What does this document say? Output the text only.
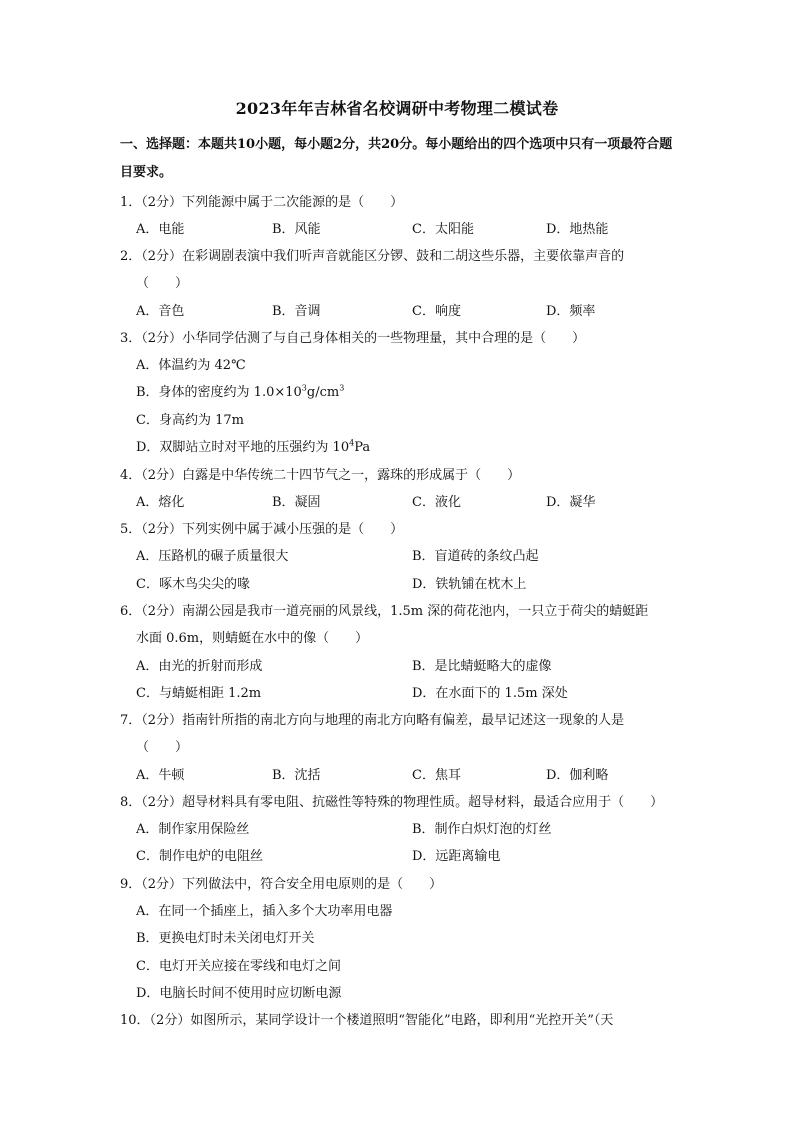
2023年年吉林省名校调研中考物理二模试卷
一、选择题：本题共10小题，每小题2分，共20分。每小题给出的四个选项中只有一项最符合题目要求。
1．（2分）下列能源中属于二次能源的是（　　）
A．电能	B．风能	C．太阳能	D．地热能
2．（2分）在彩调剧表演中我们听声音就能区分锣、鼓和二胡这些乐器，主要依靠声音的
（　　）
A．音色	B．音调	C．响度	D．频率
3．（2分）小华同学估测了与自己身体相关的一些物理量，其中合理的是（　　）
A．体温约为 42℃
B．身体的密度约为 $1.0\times 10^3g/cm^3$
C．身高约为 17m
D．双脚站立时对平地的压强约为 $10^4Pa$
4．（2分）白露是中华传统二十四节气之一，露珠的形成属于（　　）
A．熔化	B．凝固	C．液化	D．凝华
5．（2分）下列实例中属于减小压强的是（　　）
A．压路机的碾子质量很大	B．盲道砖的条纹凸起
C．啄木鸟尖尖的喙	D．铁轨铺在枕木上
6．（2分）南湖公园是我市一道亮丽的风景线，1.5m 深的荷花池内，一只立于荷尖的蜻蜓距
水面 0.6m，则蜻蜓在水中的像（　　）
A．由光的折射而形成	B．是比蜻蜓略大的虚像
C．与蜻蜓相距 1.2m	D．在水面下的 1.5m 深处
7．（2分）指南针所指的南北方向与地理的南北方向略有偏差，最早记述这一现象的人是
（　　）
A．牛顿	B．沈括	C．焦耳	D．伽利略
8．（2分）超导材料具有零电阻、抗磁性等特殊的物理性质。超导材料，最适合应用于（　　）
A．制作家用保险丝	B．制作白炽灯泡的灯丝
C．制作电炉的电阻丝	D．远距离输电
9．（2分）下列做法中，符合安全用电原则的是（　　）
A．在同一个插座上，插入多个大功率用电器
B．更换电灯时未关闭电灯开关
C．电灯开关应接在零线和电灯之间
D．电脑长时间不使用时应切断电源
10．（2分）如图所示，某同学设计一个楼道照明“智能化”电路，即利用“光控开关”（天
